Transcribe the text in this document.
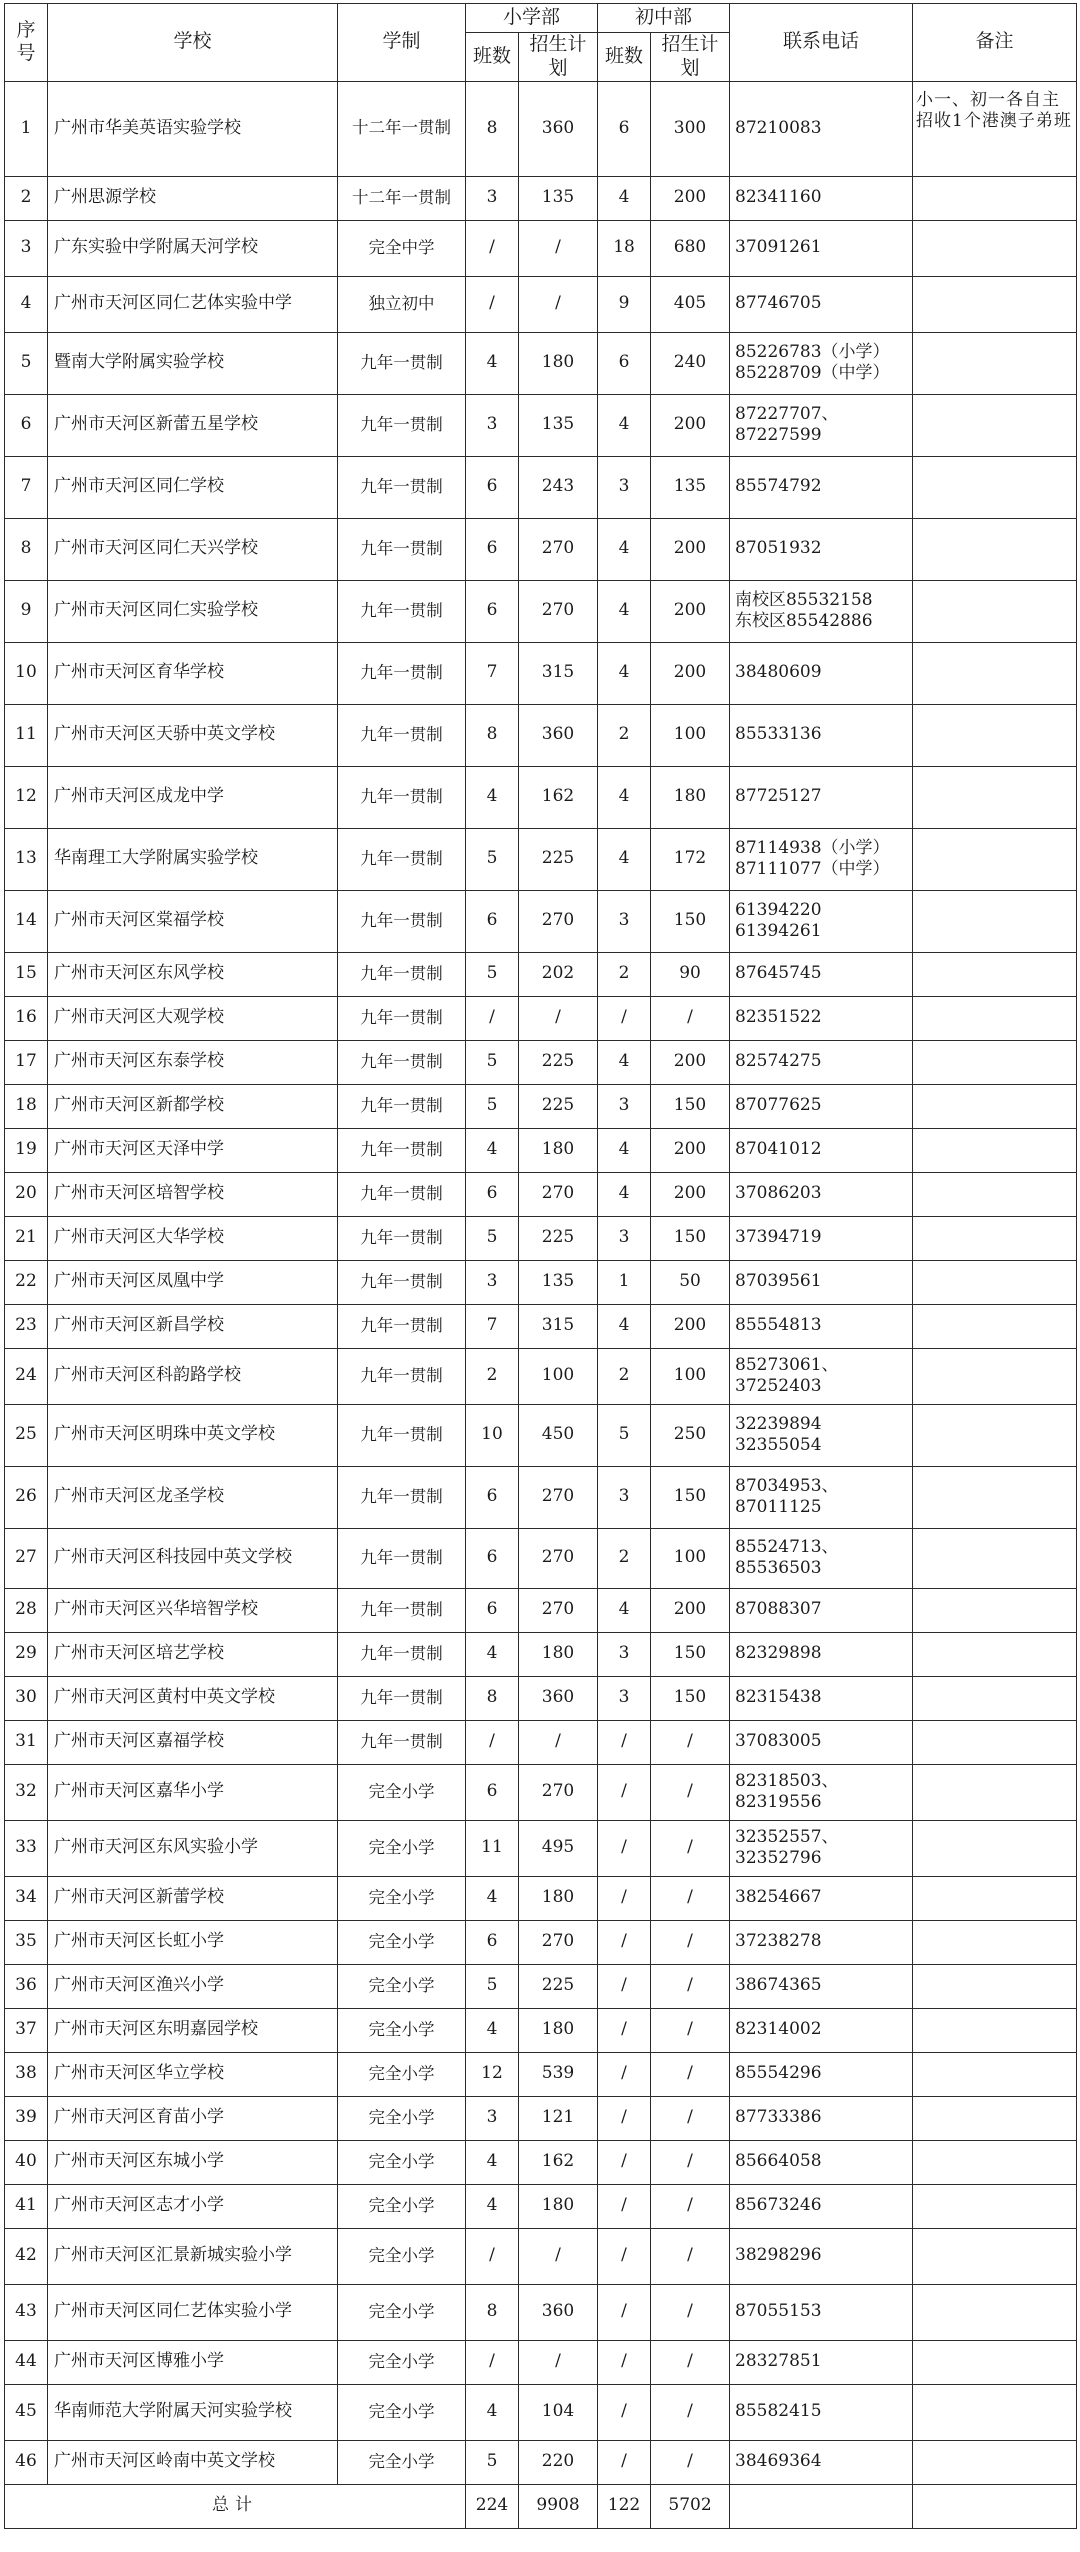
序号	学校	学制	小学部		初中部		联系电话	备注
			班数	招生计划	班数	招生计划		
1	广州市华美英语实验学校	十二年一贯制	8	360	6	300	87210083	小一、初一各自主招收1个港澳子弟班
2	广州思源学校	十二年一贯制	3	135	4	200	82341160	
3	广东实验中学附属天河学校	完全中学	/	/	18	680	37091261	
4	广州市天河区同仁艺体实验中学	独立初中	/	/	9	405	87746705	
5	暨南大学附属实验学校	九年一贯制	4	180	6	240	85226783（小学）
85228709（中学）	
6	广州市天河区新蕾五星学校	九年一贯制	3	135	4	200	87227707、
87227599	
7	广州市天河区同仁学校	九年一贯制	6	243	3	135	85574792	
8	广州市天河区同仁天兴学校	九年一贯制	6	270	4	200	87051932	
9	广州市天河区同仁实验学校	九年一贯制	6	270	4	200	南校区85532158
东校区85542886	
10	广州市天河区育华学校	九年一贯制	7	315	4	200	38480609	
11	广州市天河区天骄中英文学校	九年一贯制	8	360	2	100	85533136	
12	广州市天河区成龙中学	九年一贯制	4	162	4	180	87725127	
13	华南理工大学附属实验学校	九年一贯制	5	225	4	172	87114938（小学）
87111077（中学）	
14	广州市天河区棠福学校	九年一贯制	6	270	3	150	61394220
61394261	
15	广州市天河区东风学校	九年一贯制	5	202	2	90	87645745	
16	广州市天河区大观学校	九年一贯制	/	/	/	/	82351522	
17	广州市天河区东泰学校	九年一贯制	5	225	4	200	82574275	
18	广州市天河区新都学校	九年一贯制	5	225	3	150	87077625	
19	广州市天河区天泽中学	九年一贯制	4	180	4	200	87041012	
20	广州市天河区培智学校	九年一贯制	6	270	4	200	37086203	
21	广州市天河区大华学校	九年一贯制	5	225	3	150	37394719	
22	广州市天河区凤凰中学	九年一贯制	3	135	1	50	87039561	
23	广州市天河区新昌学校	九年一贯制	7	315	4	200	85554813	
24	广州市天河区科韵路学校	九年一贯制	2	100	2	100	85273061、
37252403	
25	广州市天河区明珠中英文学校	九年一贯制	10	450	5	250	32239894
32355054	
26	广州市天河区龙圣学校	九年一贯制	6	270	3	150	87034953、
87011125	
27	广州市天河区科技园中英文学校	九年一贯制	6	270	2	100	85524713、
85536503	
28	广州市天河区兴华培智学校	九年一贯制	6	270	4	200	87088307	
29	广州市天河区培艺学校	九年一贯制	4	180	3	150	82329898	
30	广州市天河区黄村中英文学校	九年一贯制	8	360	3	150	82315438	
31	广州市天河区嘉福学校	九年一贯制	/	/	/	/	37083005	
32	广州市天河区嘉华小学	完全小学	6	270	/	/	82318503、
82319556	
33	广州市天河区东风实验小学	完全小学	11	495	/	/	32352557、
32352796	
34	广州市天河区新蕾学校	完全小学	4	180	/	/	38254667	
35	广州市天河区长虹小学	完全小学	6	270	/	/	37238278	
36	广州市天河区渔兴小学	完全小学	5	225	/	/	38674365	
37	广州市天河区东明嘉园学校	完全小学	4	180	/	/	82314002	
38	广州市天河区华立学校	完全小学	12	539	/	/	85554296	
39	广州市天河区育苗小学	完全小学	3	121	/	/	87733386	
40	广州市天河区东城小学	完全小学	4	162	/	/	85664058	
41	广州市天河区志才小学	完全小学	4	180	/	/	85673246	
42	广州市天河区汇景新城实验小学	完全小学	/	/	/	/	38298296	
43	广州市天河区同仁艺体实验小学	完全小学	8	360	/	/	87055153	
44	广州市天河区博雅小学	完全小学	/	/	/	/	28327851	
45	华南师范大学附属天河实验学校	完全小学	4	104	/	/	85582415	
46	广州市天河区岭南中英文学校	完全小学	5	220	/	/	38469364	
总计			224	9908	122	5702		
